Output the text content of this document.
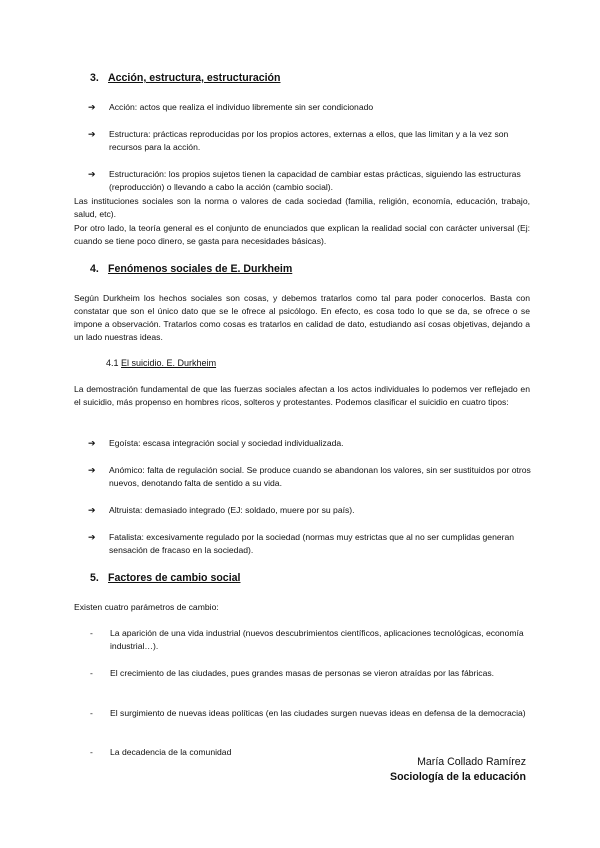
3. Acción, estructura, estructuración
➔	Acción: actos que realiza el individuo libremente sin ser condicionado
➔	Estructura: prácticas reproducidas por los propios actores, externas a ellos, que las limitan y a la vez son recursos para la acción.
➔	Estructuración: los propios sujetos tienen la capacidad de cambiar estas prácticas, siguiendo las estructuras (reproducción) o llevando a cabo la acción (cambio social).
Las instituciones sociales son la norma o valores de cada sociedad (familia, religión, economía, educación, trabajo, salud, etc).
Por otro lado, la teoría general es el conjunto de enunciados que explican la realidad social con carácter universal (Ej: cuando se tiene poco dinero, se gasta para necesidades básicas).
4. Fenómenos sociales de E. Durkheim
Según Durkheim los hechos sociales son cosas, y debemos tratarlos como tal para poder conocerlos. Basta con constatar que son el único dato que se le ofrece al psicólogo. En efecto, es cosa todo lo que se da, se ofrece o se impone a observación. Tratarlos como cosas es tratarlos en calidad de dato, estudiando así cosas objetivas, dejando a un lado nuestras ideas.
4.1 El suicidio. E. Durkheim
La demostración fundamental de que las fuerzas sociales afectan a los actos individuales lo podemos ver reflejado en el suicidio, más propenso en hombres ricos, solteros y protestantes. Podemos clasificar el suicidio en cuatro tipos:
➔	Egoísta: escasa integración social y sociedad individualizada.
➔	Anómico: falta de regulación social. Se produce cuando se abandonan los valores, sin ser sustituidos por otros nuevos, denotando falta de sentido a su vida.
➔	Altruista: demasiado integrado (EJ: soldado, muere por su país).
➔	Fatalista: excesivamente regulado por la sociedad (normas muy estrictas que al no ser cumplidas generan sensación de fracaso en la sociedad).
5. Factores de cambio social
Existen cuatro parámetros de cambio:
- La aparición de una vida industrial (nuevos descubrimientos científicos, aplicaciones tecnológicas, economía industrial…).
- El crecimiento de las ciudades, pues grandes masas de personas se vieron atraídas por las fábricas.
- El surgimiento de nuevas ideas políticas (en las ciudades surgen nuevas ideas en defensa de la democracia)
- La decadencia de la comunidad
María Collado Ramírez
Sociología de la educación
